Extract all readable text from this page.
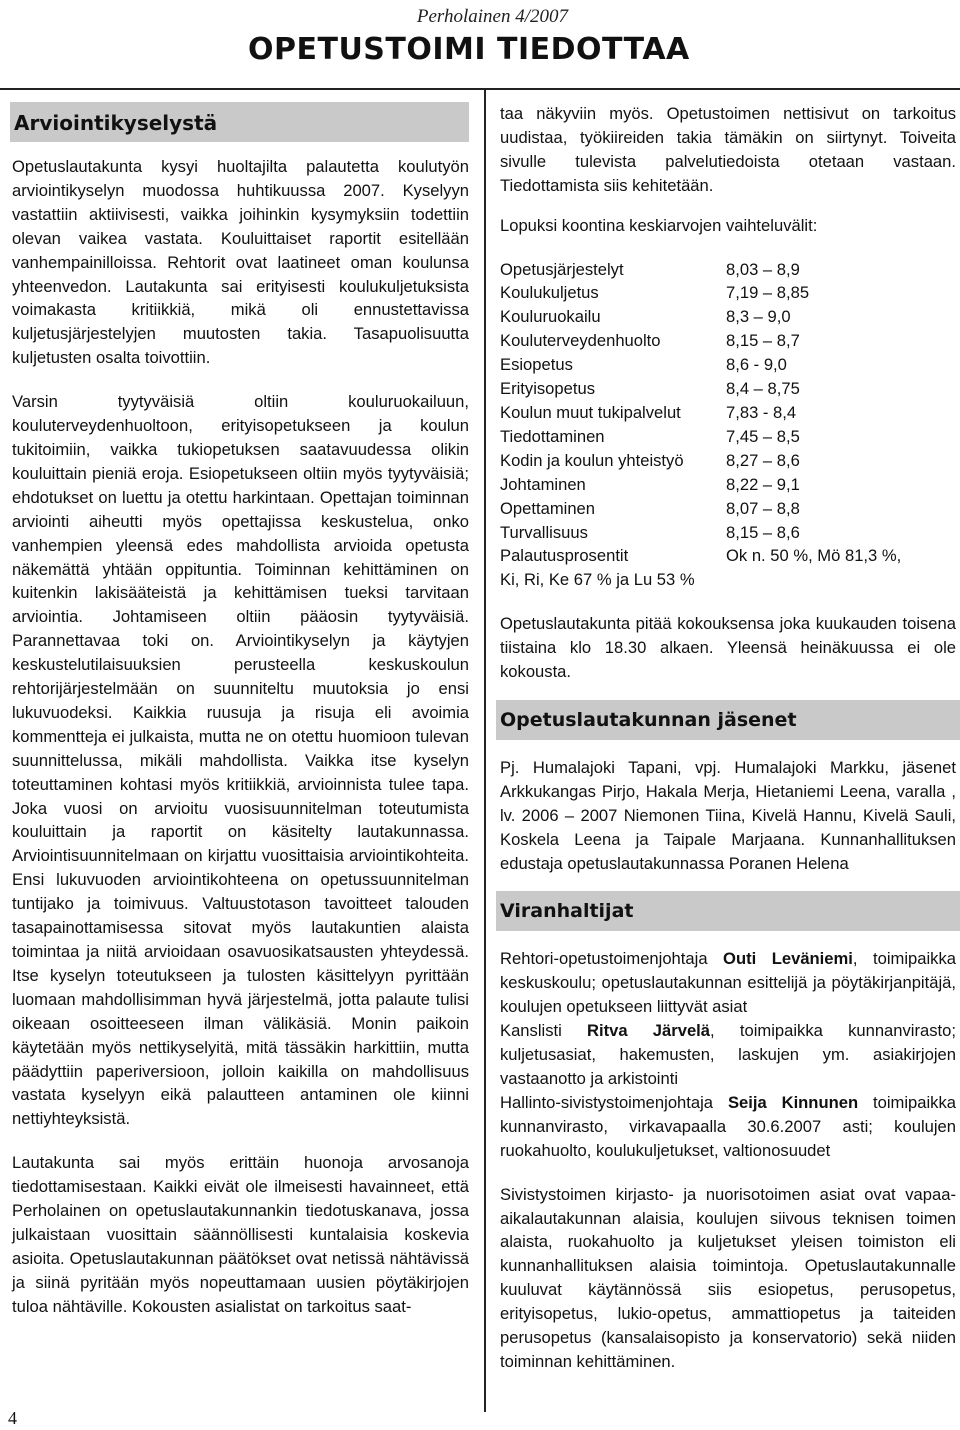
Perholainen 4/2007
OPETUSTOIMI TIEDOTTAA
4
Arviointikyselystä

Opetuslautakunta kysyi huoltajilta palautetta koulutyön arviointikyselyn muodossa huhtikuussa 2007. Kyselyyn vastattiin aktiivisesti, vaikka joihinkin kysymyksiin todettiin olevan vaikea vastata. Kouluittaiset raportit esitellään vanhempainilloissa. Rehtorit ovat laatineet oman koulunsa yhteenvedon. Lautakunta sai erityisesti koulukuljetuksista voimakasta kritiikkiä, mikä oli ennustettavissa kuljetusjärjestelyjen muutosten takia. Tasapuolisuutta kuljetusten osalta toivottiin.

Varsin tyytyväisiä oltiin kouluruokailuun, kouluterveydenhuoltoon, erityisopetukseen ja koulun tukitoimiin, vaikka tukiopetuksen saatavuudessa olikin kouluittain pieniä eroja. Esiopetukseen oltiin myös tyytyväisiä; ehdotukset on luettu ja otettu harkintaan. Opettajan toiminnan arviointi aiheutti myös opettajissa keskustelua, onko vanhempien yleensä edes mahdollista arvioida opetusta näkemättä yhtään oppituntia. Toiminnan kehittäminen on kuitenkin lakisääteistä ja kehittämisen tueksi tarvitaan arviointia. Johtamiseen oltiin pääosin tyytyväisiä. Parannettavaa toki on. Arviointikyselyn ja käytyjen keskustelutilaisuuksien perusteella keskuskoulun rehtorijärjestelmään on suunniteltu muutoksia jo ensi lukuvuodeksi. Kaikkia ruusuja ja risuja eli avoimia kommentteja ei julkaista, mutta ne on otettu huomioon tulevan suunnittelussa, mikäli mahdollista. Vaikka itse kyselyn toteuttaminen kohtasi myös kritiikkiä, arvioinnista tulee tapa. Joka vuosi on arvioitu vuosisuunnitelman toteutumista kouluittain ja raportit on käsitelty lautakunnassa. Arviointisuunnitelmaan on kirjattu vuosittaisia arviointikohteita. Ensi lukuvuoden arviointikohteena on opetussuunnitelman tuntijako ja toimivuus. Valtuustotason tavoitteet talouden tasapainottamisessa sitovat myös lautakuntien alaista toimintaa ja niitä arvioidaan osavuosikatsausten yhteydessä. Itse kyselyn toteutukseen ja tulosten käsittelyyn pyrittään luomaan mahdollisimman hyvä järjestelmä, jotta palaute tulisi oikeaan osoitteeseen ilman välikäsiä. Monin paikoin käytetään myös nettikyselyitä, mitä tässäkin harkittiin, mutta päädyttiin paperiversioon, jolloin kaikilla on mahdollisuus vastata kyselyyn eikä palautteen antaminen ole kiinni nettiyhteyksistä.

Lautakunta sai myös erittäin huonoja arvosanoja tiedottamisestaan. Kaikki eivät ole ilmeisesti havainneet, että Perholainen on opetuslautakunnankin tiedotuskanava, jossa julkaistaan vuosittain säännöllisesti kuntalaisia koskevia asioita. Opetuslautakunnan päätökset ovat netissä nähtävissä ja siinä pyritään myös nopeuttamaan uusien pöytäkirjojen tuloa nähtäville. Kokousten asialistat on tarkoitus saat-

taa näkyviin myös. Opetustoimen nettisivut on tarkoitus uudistaa, työkiireiden takia tämäkin on siirtynyt. Toiveita sivulle tulevista palvelutiedoista otetaan vastaan. Tiedottamista siis kehitetään.

Lopuksi koontina keskiarvojen vaihteluvälit:

Opetusjärjestelyt	8,03 – 8,9
Koulukuljetus	7,19 – 8,85
Kouluruokailu	8,3 – 9,0
Kouluterveydenhuolto	8,15 – 8,7
Esiopetus	8,6 - 9,0
Erityisopetus	8,4 – 8,75
Koulun muut tukipalvelut	7,83 - 8,4
Tiedottaminen	7,45 – 8,5
Kodin ja koulun yhteistyö	8,27 – 8,6
Johtaminen	8,22 – 9,1
Opettaminen	8,07 – 8,8
Turvallisuus	8,15 – 8,6
Palautusprosentit	Ok n. 50 %, Mö 81,3 %,

Ki, Ri, Ke 67 % ja Lu 53 %

Opetuslautakunta pitää kokouksensa joka kuukauden toisena tiistaina klo 18.30 alkaen. Yleensä heinäkuussa ei ole kokousta.

Opetuslautakunnan jäsenet

Pj. Humalajoki Tapani, vpj. Humalajoki Markku, jäsenet Arkkukangas Pirjo, Hakala Merja, Hietaniemi Leena, varalla , lv. 2006 – 2007 Niemonen Tiina, Kivelä Hannu, Kivelä Sauli, Koskela Leena ja Taipale Marjaana. Kunnanhallituksen edustaja opetuslautakunnassa Poranen Helena

Viranhaltijat

Rehtori-opetustoimenjohtaja Outi Leväniemi, toimipaikka keskuskoulu; opetuslautakunnan esittelijä ja pöytäkirjanpitäjä, koulujen opetukseen liittyvät asiat

Kanslisti Ritva Järvelä, toimipaikka kunnanvirasto; kuljetusasiat, hakemusten, laskujen ym. asiakirjojen vastaanotto ja arkistointi

Hallinto-sivistystoimenjohtaja Seija Kinnunen toimipaikka kunnanvirasto, virkavapaalla 30.6.2007 asti; koulujen ruokahuolto, koulukuljetukset, valtionosuudet

Sivistystoimen kirjasto- ja nuorisotoimen asiat ovat vapaa-aikalautakunnan alaisia, koulujen siivous teknisen toimen alaista, ruokahuolto ja kuljetukset yleisen toimiston eli kunnanhallituksen alaisia toimintoja. Opetuslautakunnalle kuuluvat käytännössä siis esiopetus, perusopetus, erityisopetus, lukio-opetus, ammattiopetus ja taiteiden perusopetus (kansalaisopisto ja konservatorio) sekä niiden toiminnan kehittäminen.
